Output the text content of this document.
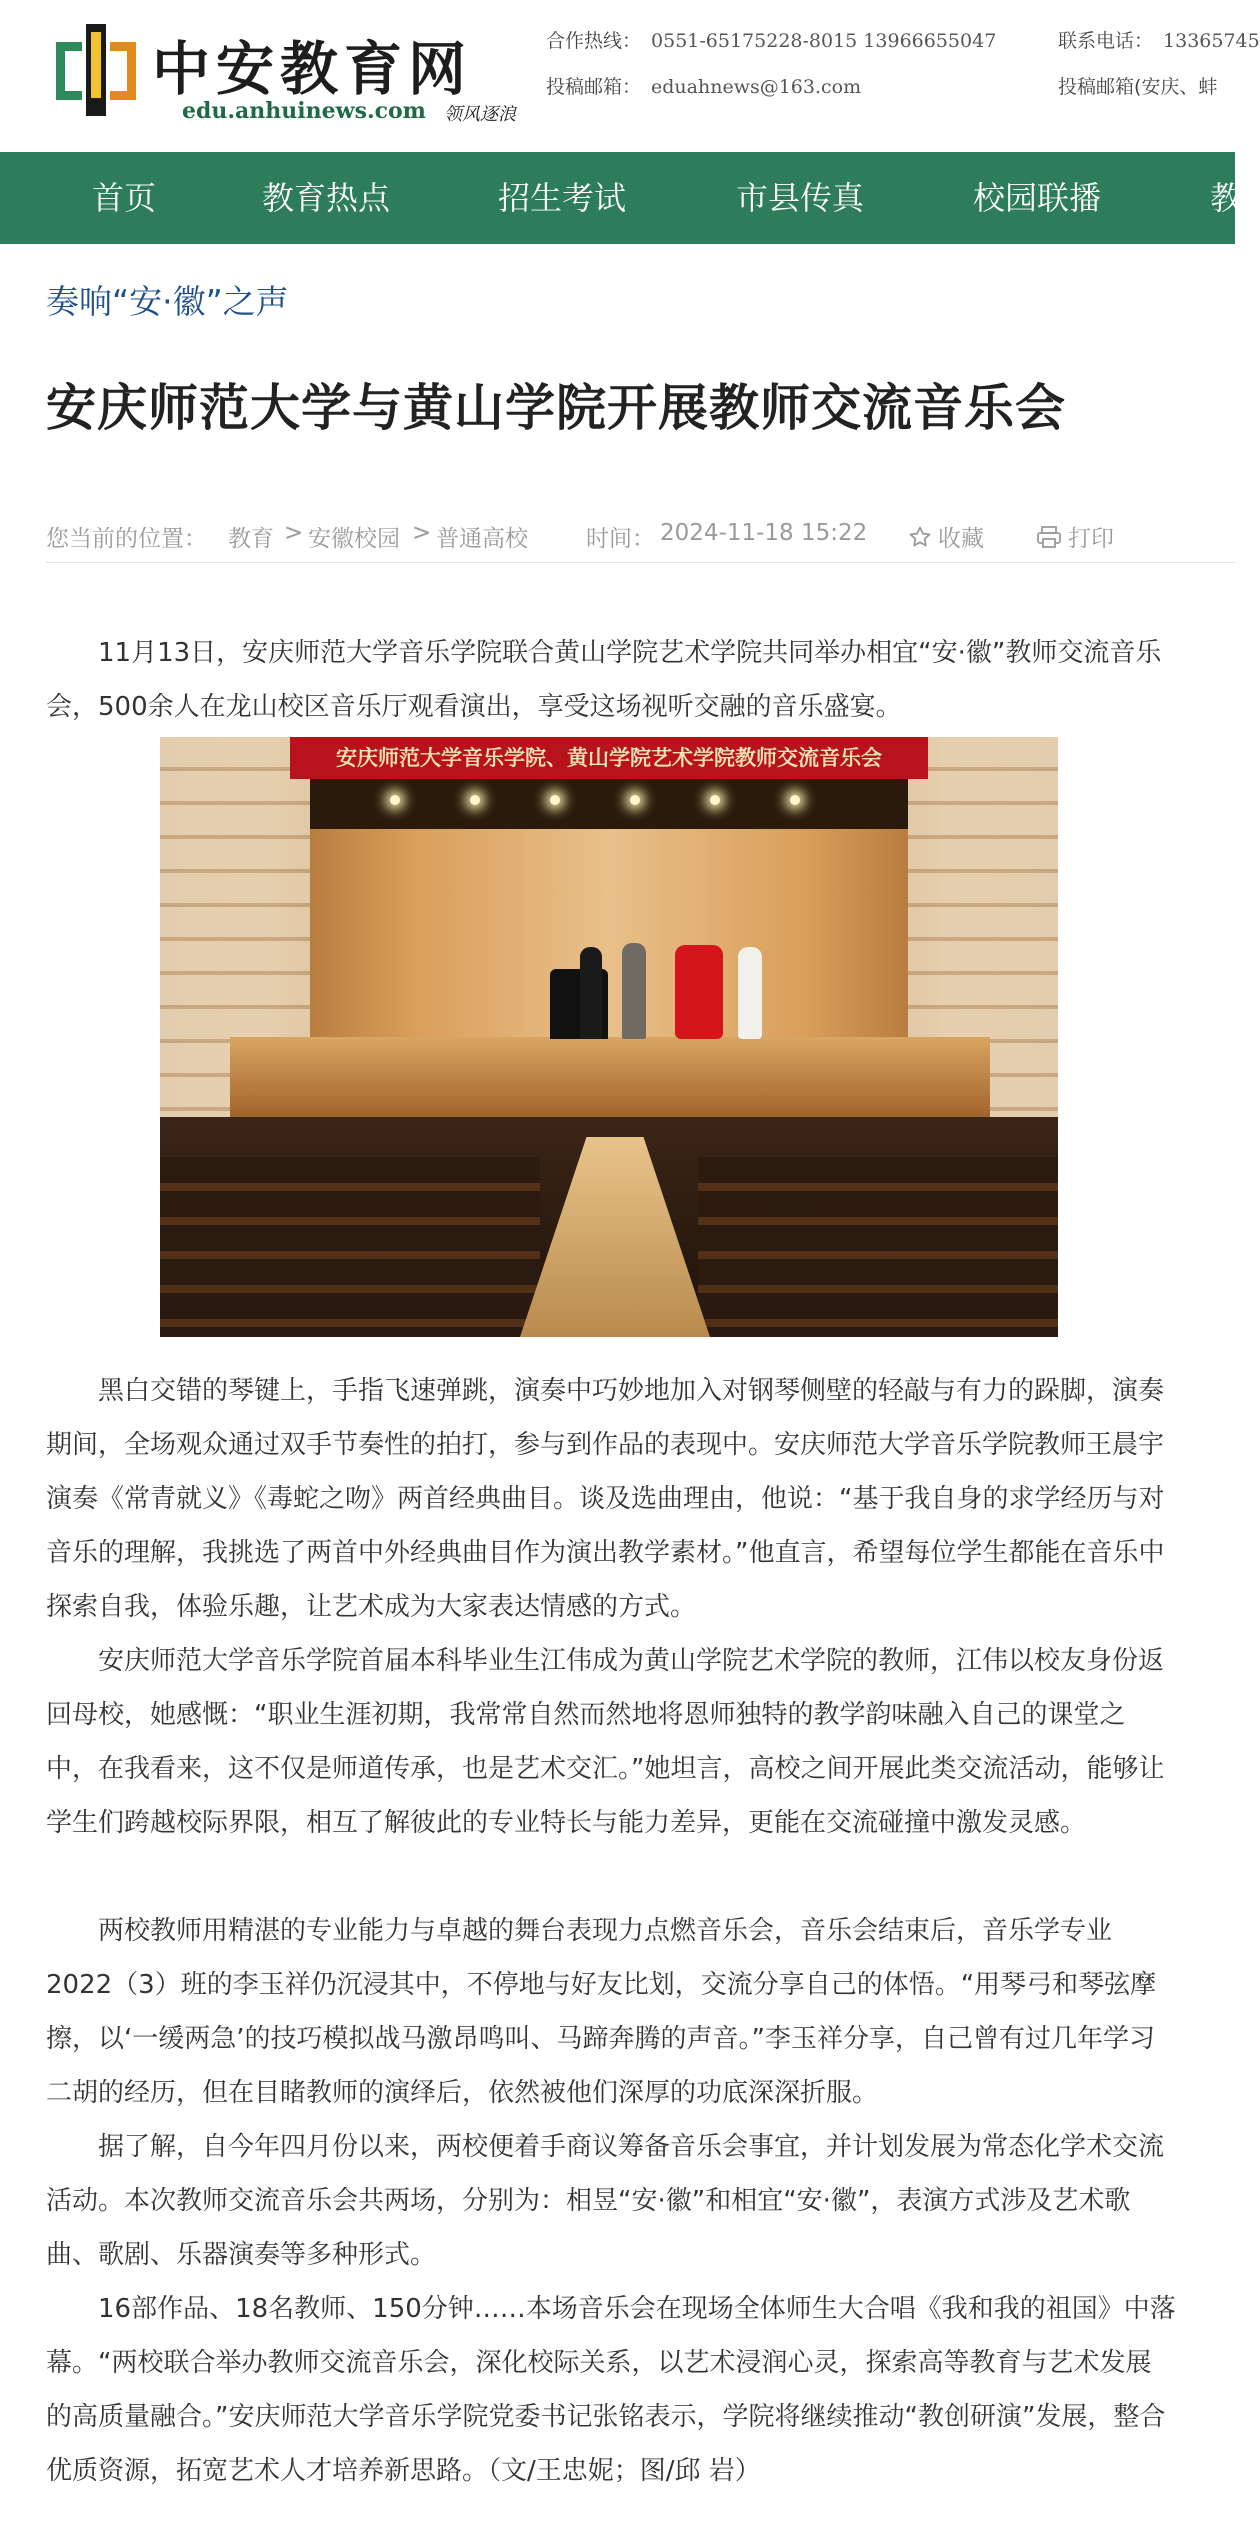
中安教育网
edu.anhuinews.com 领风逐浪
合作热线： 0551-65175228-8015 13966655047
投稿邮箱： eduahnews@163.com
联系电话： 13365745
投稿邮箱(安庆、蚌
首页	教育热点	招生考试	市县传真	校园联播	教
奏响“安·徽”之声
安庆师范大学与黄山学院开展教师交流音乐会
您当前的位置： 教育 > 安徽校园 > 普通高校	时间： 2024-11-18 15:22	收藏	打印

11月13日，安庆师范大学音乐学院联合黄山学院艺术学院共同举办相宜“安·徽”教师交流音乐会，500余人在龙山校区音乐厅观看演出，享受这场视听交融的音乐盛宴。

安庆师范大学音乐学院、黄山学院艺术学院教师交流音乐会

黑白交错的琴键上，手指飞速弹跳，演奏中巧妙地加入对钢琴侧壁的轻敲与有力的跺脚，演奏期间，全场观众通过双手节奏性的拍打，参与到作品的表现中。安庆师范大学音乐学院教师王晨宇演奏《常青就义》《毒蛇之吻》两首经典曲目。谈及选曲理由，他说：“基于我自身的求学经历与对音乐的理解，我挑选了两首中外经典曲目作为演出教学素材。”他直言，希望每位学生都能在音乐中探索自我，体验乐趣，让艺术成为大家表达情感的方式。

安庆师范大学音乐学院首届本科毕业生江伟成为黄山学院艺术学院的教师，江伟以校友身份返回母校，她感慨：“职业生涯初期，我常常自然而然地将恩师独特的教学韵味融入自己的课堂之中，在我看来，这不仅是师道传承，也是艺术交汇。”她坦言，高校之间开展此类交流活动，能够让学生们跨越校际界限，相互了解彼此的专业特长与能力差异，更能在交流碰撞中激发灵感。

两校教师用精湛的专业能力与卓越的舞台表现力点燃音乐会，音乐会结束后，音乐学专业2022（3）班的李玉祥仍沉浸其中，不停地与好友比划，交流分享自己的体悟。“用琴弓和琴弦摩擦，以‘一缓两急’的技巧模拟战马激昂鸣叫、马蹄奔腾的声音。”李玉祥分享，自己曾有过几年学习二胡的经历，但在目睹教师的演绎后，依然被他们深厚的功底深深折服。

据了解，自今年四月份以来，两校便着手商议筹备音乐会事宜，并计划发展为常态化学术交流活动。本次教师交流音乐会共两场，分别为：相昱“安·徽”和相宜“安·徽”，表演方式涉及艺术歌曲、歌剧、乐器演奏等多种形式。

16部作品、18名教师、150分钟……本场音乐会在现场全体师生大合唱《我和我的祖国》中落幕。“两校联合举办教师交流音乐会，深化校际关系，以艺术浸润心灵，探索高等教育与艺术发展的高质量融合。”安庆师范大学音乐学院党委书记张铭表示，学院将继续推动“教创研演”发展，整合优质资源，拓宽艺术人才培养新思路。（文/王忠妮；图/邱 岩）
